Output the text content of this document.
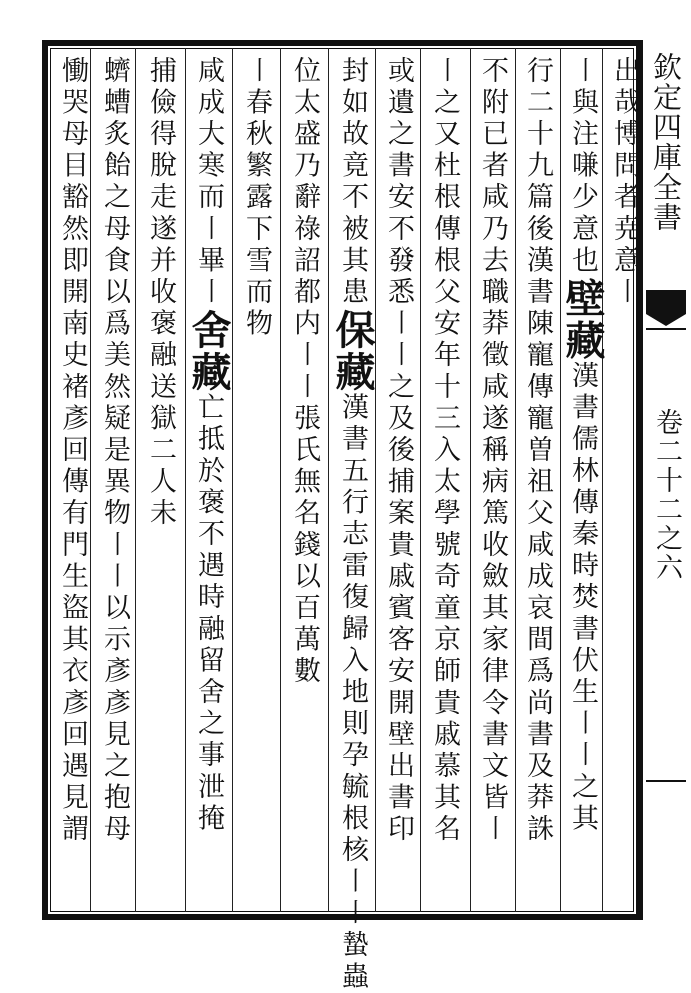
欽定四庫全書
卷二十二之六
出哉博問者尭意〡
〡與注嗛少意也壁藏漢書儒林傳秦時焚書伏生〡〡之其
行二十九篇後漢書陳寵傳寵曽祖父咸成哀間爲尚書及莽誅
不附已者咸乃去職莽徵咸遂稱病篤收斂其家律令書文皆〡
〡之又杜根傳根父安年十三入太學號奇童京師貴戚慕其名
或遺之書安不發悉〡〡之及後捕案貴戚賓客安開壁出書印
封如故竟不被其患保藏漢書五行志雷復歸入地則孕毓根核〡〡蟄蟲
位太盛乃辭祿詔都内〡〡張氏無名錢以百萬數
〡春秋繁露下雪而物
咸成大寒而〡畢〡舍藏亡抵於褒不遇時融留舍之事泄掩
捕儉得脫走遂并收褒融送獄二人未
蠐螬炙飴之母食以爲美然疑是異物〡〡以示彥彥見之抱母
慟哭母目豁然即開南史褚彥回傳有門生盜其衣彥回遇見謂
